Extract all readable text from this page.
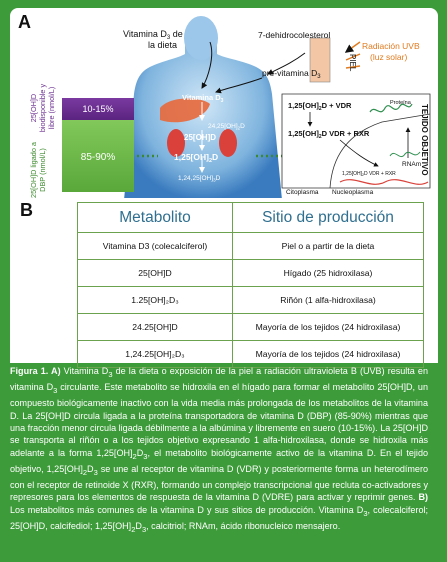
A
Vitamina $D_3$ de
la dieta
7-dehidrocolesterol
pre-vitamina $D_3$
PIEL
Radiación UVB
(luz solar)
Vitamina $D_3$
$24,25[OH]_2D$
25[OH]D
$1,25[OH]_2D$
$1,24,25[OH]_3D$
25[OH]D biodisponible y libre (nmol/L)
25[OH]D ligado a DBP (nmol/L)
10-15%
85-90%
$1,25[OH]_2D$ + VDR
$1,25[OH]_2D$ VDR + RXR
$1,25[OH]_2D$ VDR + RXR
Proteína
RNAm
Citoplasma Nucleoplasma
TEJIDO OBJETIVO
B	Metabolito	Sitio de producción
Vitamina D3 (colecalciferol)	Piel o a partir de la dieta
25[OH]D	Hígado (25 hidroxilasa)
1.25[OH]₂D₃	Riñón (1 alfa-hidroxilasa)
24.25[OH]D	Mayoría de los tejidos (24 hidroxilasa)
1,24.25[OH]₂D₃	Mayoría de los tejidos (24 hidroxilasa)
Figura 1. A) Vitamina $D_3$ de la dieta o exposición de la piel a radiación ultravioleta B (UVB) resulta en vitamina $D_3$ circulante. Este metabolito se hidroxila en el hígado para formar el metabolito 25[OH]D, un compuesto biológicamente inactivo con la vida media más prolongada de los metabolitos de la vitamina D. La 25[OH]D circula ligada a la proteína transportadora de vitamina D (DBP) (85-90%) mientras que una fracción menor circula ligada débilmente a la albúmina y libremente en suero (10-15%). La 25[OH]D se transporta al riñón o a los tejidos objetivo expresando 1 alfa-hidroxilasa, donde se hidroxila más adelante a la forma $1,25[OH]_2D_3$, el metabolito biológicamente activo de la vitamina D. En el tejido objetivo, $1,25[OH]_2D_3$ se une al receptor de vitamina D (VDR) y posteriormente forma un heterodímero con el receptor de retinoide X (RXR), formando un complejo transcripcional que recluta co-activadores y represores para los elementos de respuesta de la vitamina D (VDRE) para activar y reprimir genes. B) Los metabolitos más comunes de la vitamina D y sus sitios de producción. Vitamina $D_3$, colecalciferol; 25[OH]D, calcifediol; $1,25[OH]_2D_3$, calcitriol; RNAm, ácido ribonucleico mensajero.
